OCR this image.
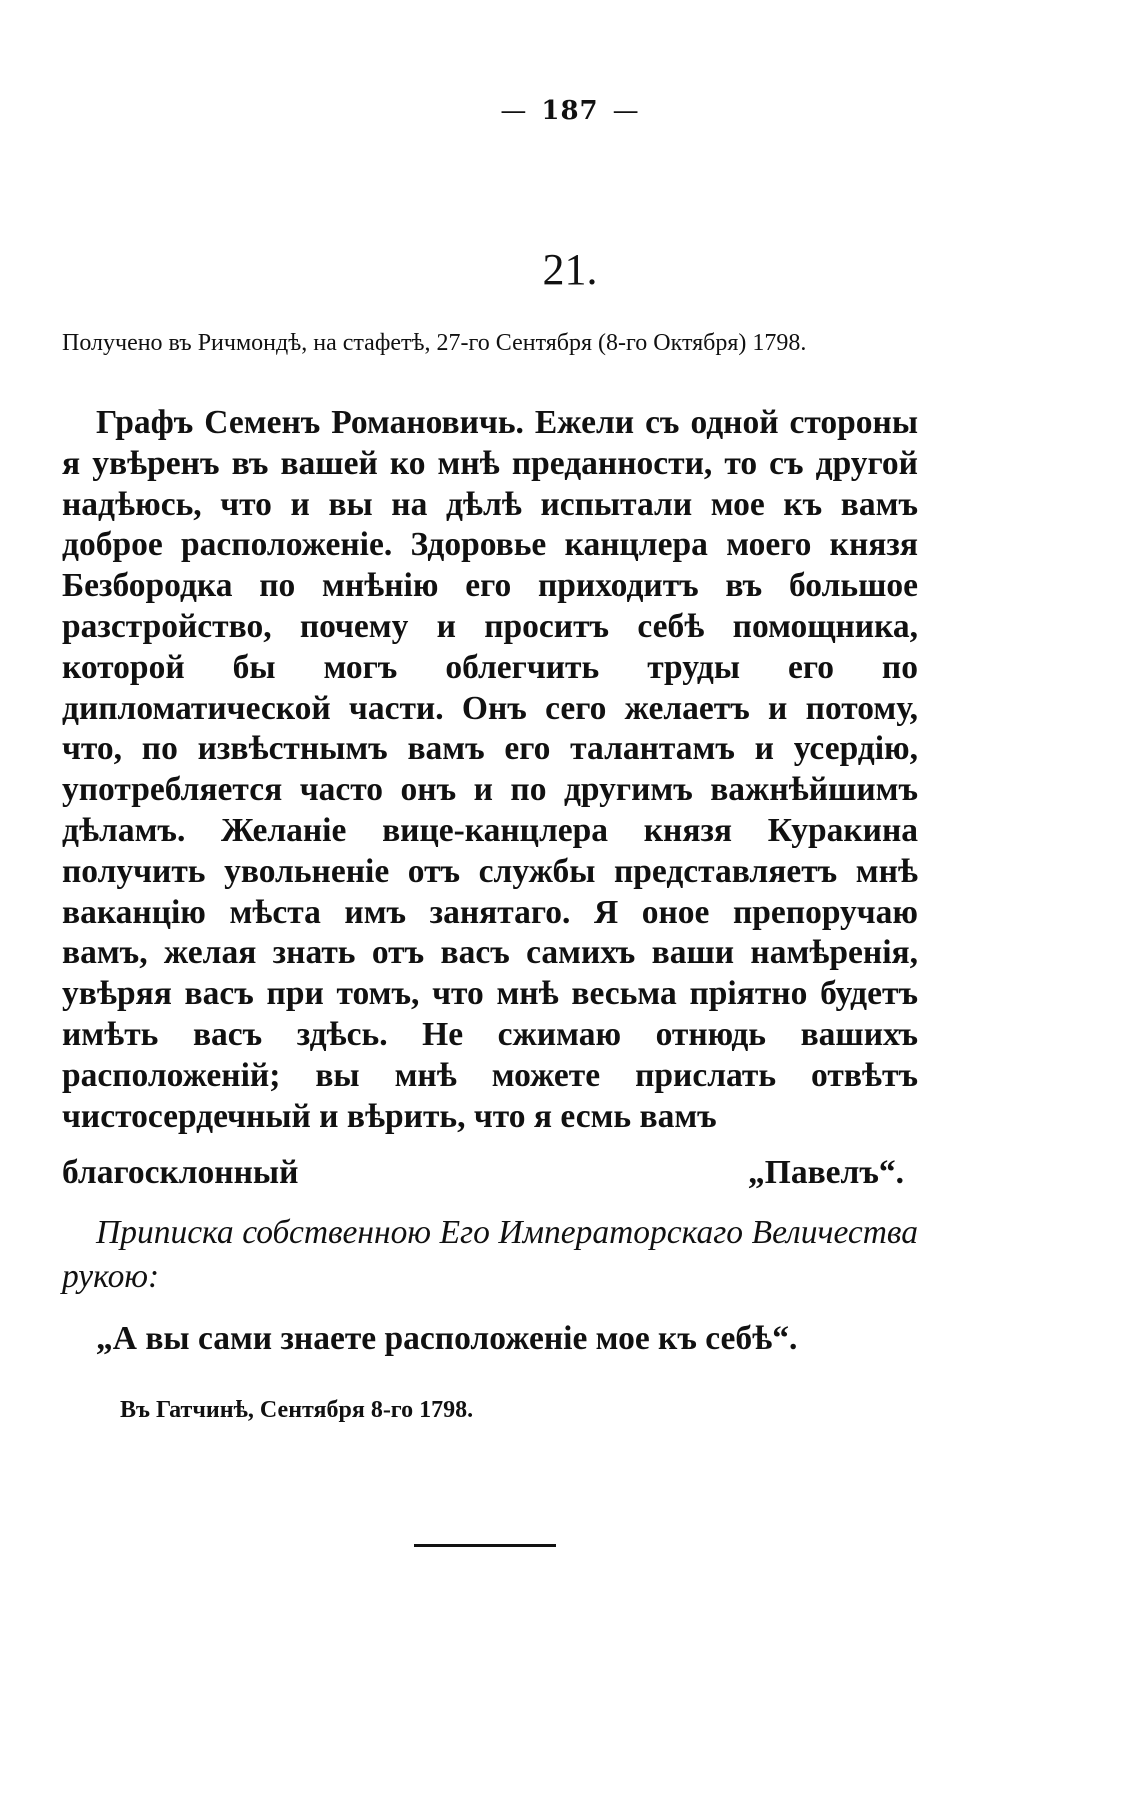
— 187 —
21.
Получено въ Ричмондѣ, на стафетѣ, 27-го Сентября (8-го Октября) 1798.
Графъ Семенъ Романовичь. Ежели съ одной стороны я увѣренъ въ вашей ко мнѣ преданности, то съ другой надѣюсь, что и вы на дѣлѣ испытали мое къ вамъ доброе расположеніе. Здоровье канцлера моего князя Безбородка по мнѣнію его приходитъ въ большое разстройство, почему и проситъ себѣ помощника, которой бы могъ облегчить труды его по дипломатической части. Онъ сего желаетъ и потому, что, по извѣстнымъ вамъ его талантамъ и усердію, употребляется часто онъ и по другимъ важнѣйшимъ дѣламъ. Желаніе вице-канцлера князя Куракина получить увольненіе отъ службы представляетъ мнѣ ваканцію мѣста имъ занятаго. Я оное препоручаю вамъ, желая знать отъ васъ самихъ ваши намѣренія, увѣряя васъ при томъ, что мнѣ весьма пріятно будетъ имѣть васъ здѣсь. Не сжимаю отнюдь вашихъ расположеній; вы мнѣ можете прислать отвѣтъ чистосердечный и вѣрить, что я есмь вамъ
благосклонный	„Павелъ“.
Приписка собственною Его Императорскаго Величества рукою:
„А вы сами знаете расположеніе мое къ себѣ“.
Въ Гатчинѣ, Сентября 8-го 1798.
